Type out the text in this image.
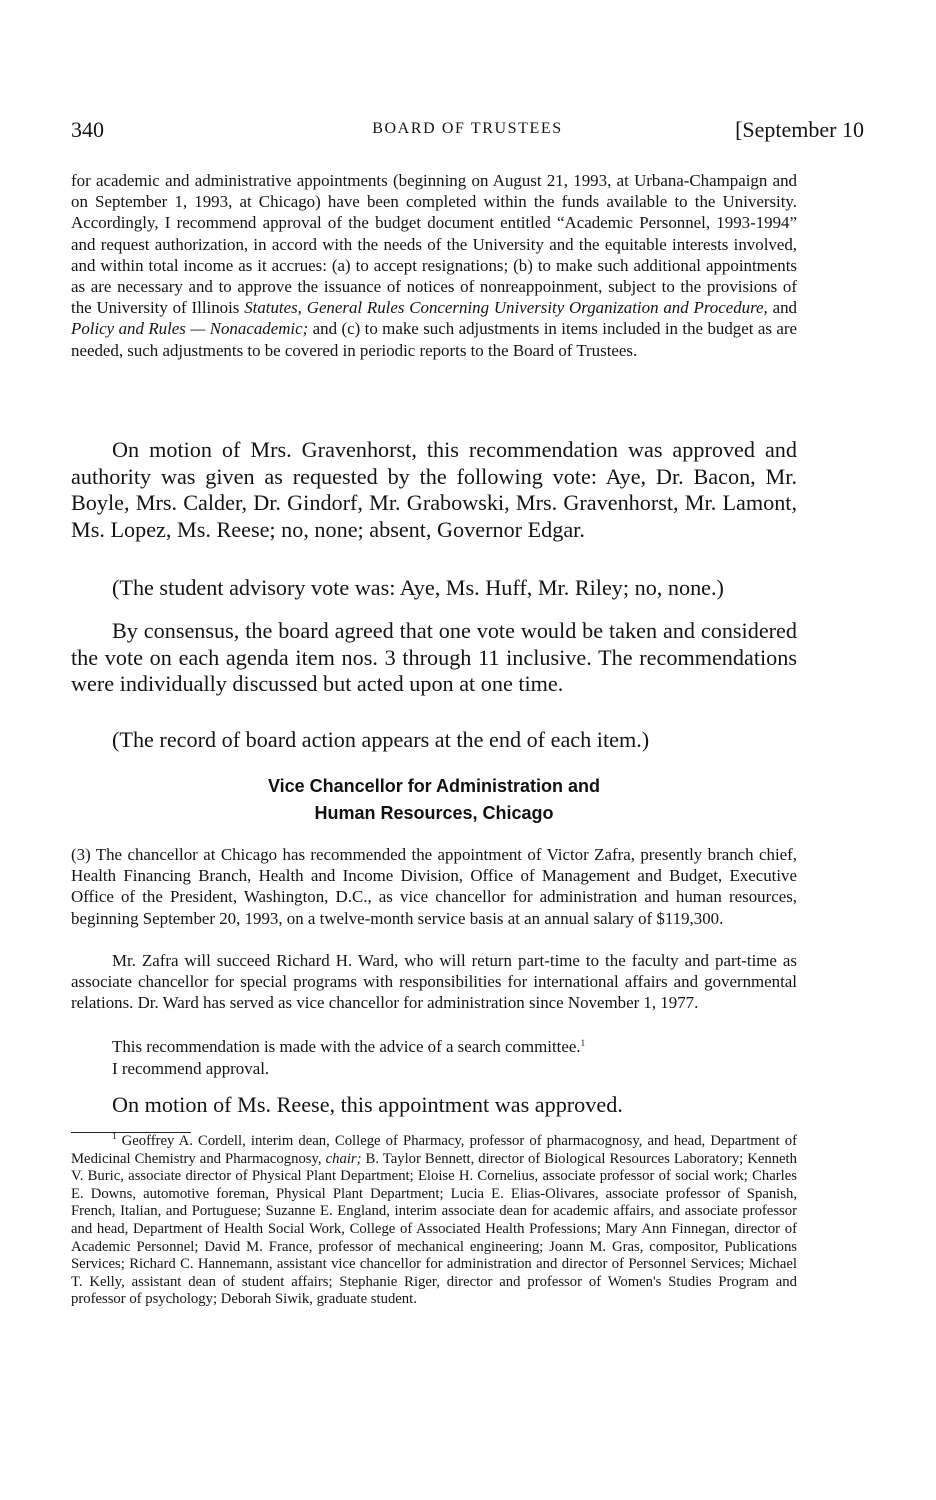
340	BOARD OF TRUSTEES	[September 10

for academic and administrative appointments (beginning on August 21, 1993, at Urbana-Champaign and on September 1, 1993, at Chicago) have been completed within the funds available to the University. Accordingly, I recommend approval of the budget document entitled “Academic Personnel, 1993-1994” and request authorization, in accord with the needs of the University and the equitable interests involved, and within total income as it accrues: (a) to accept resignations; (b) to make such additional appointments as are necessary and to approve the issuance of notices of nonreappoinment, subject to the provisions of the University of Illinois Statutes, General Rules Concerning University Organization and Procedure, and Policy and Rules — Nonacademic; and (c) to make such adjustments in items included in the budget as are needed, such adjustments to be covered in periodic reports to the Board of Trustees.

On motion of Mrs. Gravenhorst, this recommendation was approved and authority was given as requested by the following vote: Aye, Dr. Bacon, Mr. Boyle, Mrs. Calder, Dr. Gindorf, Mr. Grabowski, Mrs. Gravenhorst, Mr. Lamont, Ms. Lopez, Ms. Reese; no, none; absent, Governor Edgar.

(The student advisory vote was: Aye, Ms. Huff, Mr. Riley; no, none.)

By consensus, the board agreed that one vote would be taken and considered the vote on each agenda item nos. 3 through 11 inclusive. The recommendations were individually discussed but acted upon at one time.

(The record of board action appears at the end of each item.)

Vice Chancellor for Administration and
Human Resources, Chicago

(3) The chancellor at Chicago has recommended the appointment of Victor Zafra, presently branch chief, Health Financing Branch, Health and Income Division, Office of Management and Budget, Executive Office of the President, Washington, D.C., as vice chancellor for administration and human resources, beginning September 20, 1993, on a twelve-month service basis at an annual salary of $119,300.

Mr. Zafra will succeed Richard H. Ward, who will return part-time to the faculty and part-time as associate chancellor for special programs with responsibilities for international affairs and governmental relations. Dr. Ward has served as vice chancellor for administration since November 1, 1977.

This recommendation is made with the advice of a search committee.$^1$

I recommend approval.

On motion of Ms. Reese, this appointment was approved.

$^1$ Geoffrey A. Cordell, interim dean, College of Pharmacy, professor of pharmacognosy, and head, Department of Medicinal Chemistry and Pharmacognosy, chair; B. Taylor Bennett, director of Biological Resources Laboratory; Kenneth V. Buric, associate director of Physical Plant Department; Eloise H. Cornelius, associate professor of social work; Charles E. Downs, automotive foreman, Physical Plant Department; Lucia E. Elias-Olivares, associate professor of Spanish, French, Italian, and Portuguese; Suzanne E. England, interim associate dean for academic affairs, and associate professor and head, Department of Health Social Work, College of Associated Health Professions; Mary Ann Finnegan, director of Academic Personnel; David M. France, professor of mechanical engineering; Joann M. Gras, compositor, Publications Services; Richard C. Hannemann, assistant vice chancellor for administration and director of Personnel Services; Michael T. Kelly, assistant dean of student affairs; Stephanie Riger, director and professor of Women's Studies Program and professor of psychology; Deborah Siwik, graduate student.
